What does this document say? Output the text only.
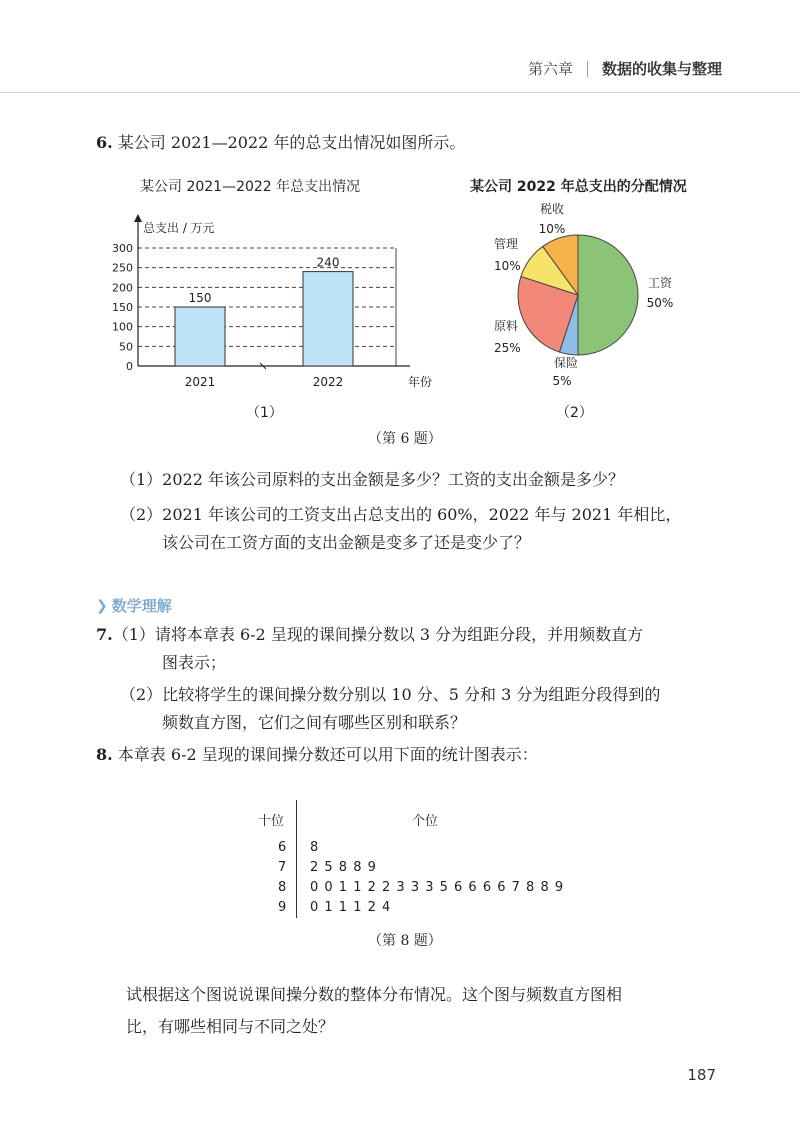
第六章 数据的收集与整理
6. 某公司 2021—2022 年的总支出情况如图所示。
某公司 2021—2022 年总支出情况
0
50
100
150
200
250
300
总支出 / 万元
年份
150
2021
240
2022
（1）
某公司 2022 年总支出的分配情况
工资
50%
保险
5%
原料
25%
管理
10%
税收
10%
（2）
（第 6 题）
（1）2022 年该公司原料的支出金额是多少？工资的支出金额是多少？
（2）2021 年该公司的工资支出占总支出的 60%，2022 年与 2021 年相比，
该公司在工资方面的支出金额是变多了还是变少了？
❯ 数学理解
7.（1）请将本章表 6-2 呈现的课间操分数以 3 分为组距分段，并用频数直方
图表示；
（2）比较将学生的课间操分数分别以 10 分、5 分和 3 分为组距分段得到的
频数直方图，它们之间有哪些区别和联系？
8. 本章表 6-2 呈现的课间操分数还可以用下面的统计图表示：
十位	个位
6 8
7 2 5 8 8 9
8 0 0 1 1 2 2 3 3 3 5 6 6 6 6 7 8 8 9
9 0 1 1 1 2 4
（第 8 题）
试根据这个图说说课间操分数的整体分布情况。这个图与频数直方图相
比，有哪些相同与不同之处？
187
